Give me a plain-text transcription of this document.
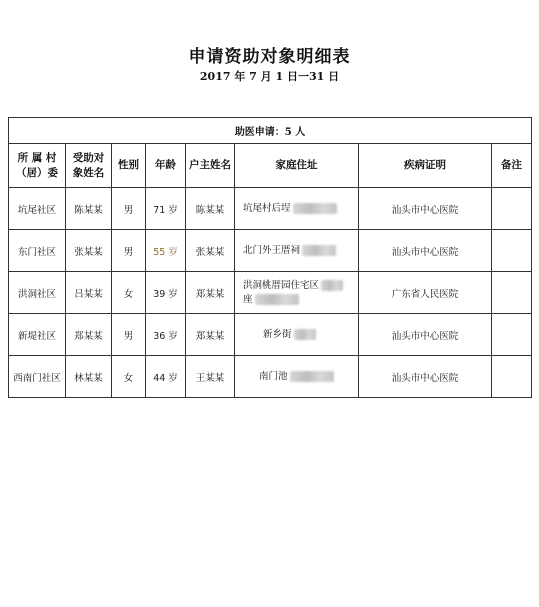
申请资助对象明细表
2017 年 7 月 1 日一31 日
助医申请：5 人							
所 属 村（居）委	受助对象姓名	性别	年龄	户主姓名	家庭住址	疾病证明	备注
坑尾社区	陈某某	男	71 岁	陈某某	坑尾村后埕	汕头市中心医院	
东门社区	张某某	男	55 岁	张某某	北门外王厝祠	汕头市中心医院	
洪洞社区	吕某某	女	39 岁	郑某某	洪洞桃厝园住宅区
座	广东省人民医院	
新堤社区	郑某某	男	36 岁	郑某某	新乡街	汕头市中心医院	
西南门社区	林某某	女	44 岁	王某某	南门池	汕头市中心医院	
